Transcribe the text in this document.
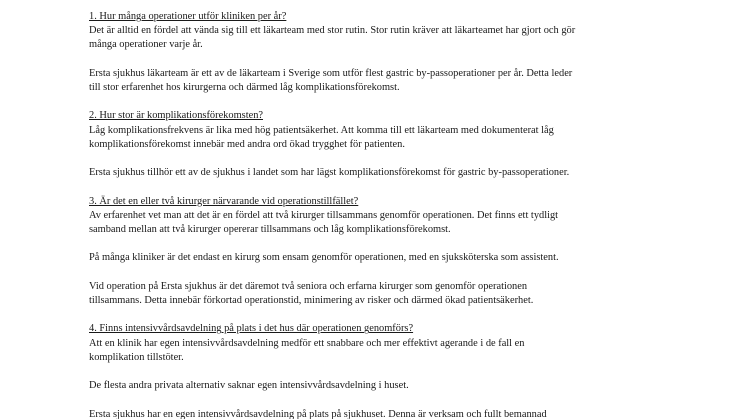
1. Hur många operationer utför kliniken per år?
Det är alltid en fördel att vända sig till ett läkarteam med stor rutin. Stor rutin kräver att läkarteamet har gjort och gör
många operationer varje år.
Ersta sjukhus läkarteam är ett av de läkarteam i Sverige som utför flest gastric by-passoperationer per år. Detta leder
till stor erfarenhet hos kirurgerna och därmed låg komplikationsförekomst.
2. Hur stor är komplikationsförekomsten?
Låg komplikationsfrekvens är lika med hög patientsäkerhet. Att komma till ett läkarteam med dokumenterat låg
komplikationsförekomst innebär med andra ord ökad trygghet för patienten.
Ersta sjukhus tillhör ett av de sjukhus i landet som har lägst komplikationsförekomst för gastric by-passoperationer.
3. Är det en eller två kirurger närvarande vid operationstillfället?
Av erfarenhet vet man att det är en fördel att två kirurger tillsammans genomför operationen. Det finns ett tydligt
samband mellan att två kirurger opererar tillsammans och låg komplikationsförekomst.
På många kliniker är det endast en kirurg som ensam genomför operationen, med en sjuksköterska som assistent.
Vid operation på Ersta sjukhus är det däremot två seniora och erfarna kirurger som genomför operationen
tillsammans. Detta innebär förkortad operationstid, minimering av risker och därmed ökad patientsäkerhet.
4. Finns intensivvårdsavdelning på plats i det hus där operationen genomförs?
Att en klinik har egen intensivvårdsavdelning medför ett snabbare och mer effektivt agerande i de fall en
komplikation tillstöter.
De flesta andra privata alternativ saknar egen intensivvårdsavdelning i huset.
Ersta sjukhus har en egen intensivvårdsavdelning på plats på sjukhuset. Denna är verksam och fullt bemannad
